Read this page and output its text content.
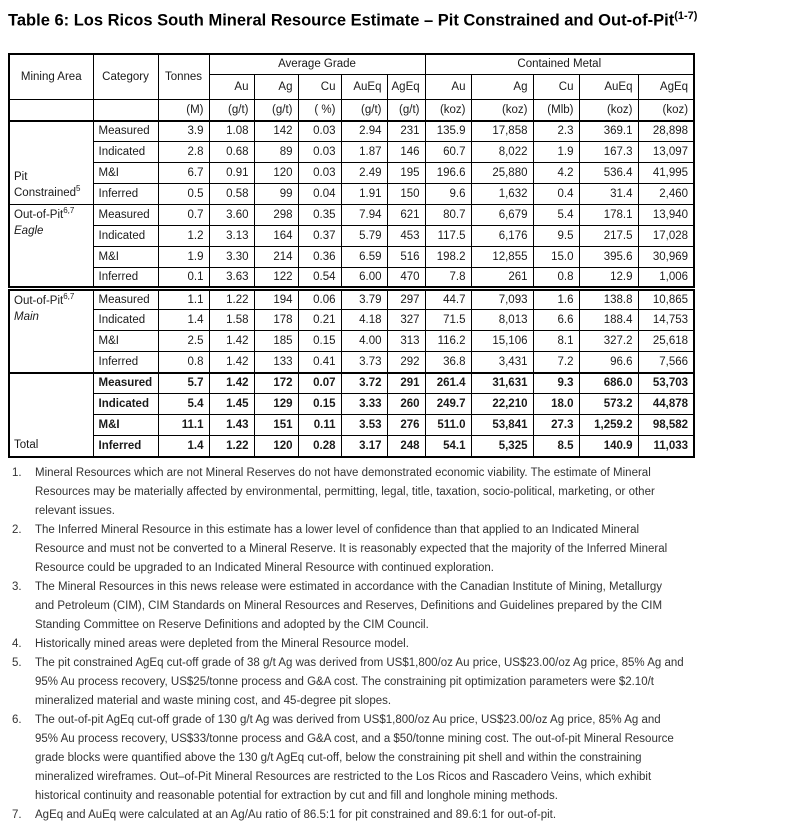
Table 6: Los Ricos South Mineral Resource Estimate – Pit Constrained and Out-of-Pit$^{(1-7)}$
Mining Area	Category	Tonnes	Average Grade					Contained Metal				
			Au	Ag	Cu	AuEq	AgEq	Au	Ag	Cu	AuEq	AgEq
		(M)	(g/t)	(g/t)	( %)	(g/t)	(g/t)	(koz)	(koz)	(Mlb)	(koz)	(koz)

Pit
Constrained$^5$	Measured	3.9	1.08	142	0.03	2.94	231	135.9	17,858	2.3	369.1	28,898
	Indicated	2.8	0.68	89	0.03	1.87	146	60.7	8,022	1.9	167.3	13,097
	M&I	6.7	0.91	120	0.03	2.49	195	196.6	25,880	4.2	536.4	41,995
	Inferred	0.5	0.58	99	0.04	1.91	150	9.6	1,632	0.4	31.4	2,460

Out-of-Pit$^{6,7}$
Eagle	Measured	0.7	3.60	298	0.35	7.94	621	80.7	6,679	5.4	178.1	13,940
	Indicated	1.2	3.13	164	0.37	5.79	453	117.5	6,176	9.5	217.5	17,028
	M&I	1.9	3.30	214	0.36	6.59	516	198.2	12,855	15.0	395.6	30,969
	Inferred	0.1	3.63	122	0.54	6.00	470	7.8	261	0.8	12.9	1,006

Out-of-Pit$^{6,7}$
Main	Measured	1.1	1.22	194	0.06	3.79	297	44.7	7,093	1.6	138.8	10,865
	Indicated	1.4	1.58	178	0.21	4.18	327	71.5	8,013	6.6	188.4	14,753
	M&I	2.5	1.42	185	0.15	4.00	313	116.2	15,106	8.1	327.2	25,618
	Inferred	0.8	1.42	133	0.41	3.73	292	36.8	3,431	7.2	96.6	7,566

Total	Measured	5.7	1.42	172	0.07	3.72	291	261.4	31,631	9.3	686.0	53,703
	Indicated	5.4	1.45	129	0.15	3.33	260	249.7	22,210	18.0	573.2	44,878
	M&I	11.1	1.43	151	0.11	3.53	276	511.0	53,841	27.3	1,259.2	98,582
	Inferred	1.4	1.22	120	0.28	3.17	248	54.1	5,325	8.5	140.9	11,033
1.	Mineral Resources which are not Mineral Reserves do not have demonstrated economic viability. The estimate of Mineral Resources may be materially affected by environmental, permitting, legal, title, taxation, socio-political, marketing, or other relevant issues.
2.	The Inferred Mineral Resource in this estimate has a lower level of confidence than that applied to an Indicated Mineral Resource and must not be converted to a Mineral Reserve. It is reasonably expected that the majority of the Inferred Mineral Resource could be upgraded to an Indicated Mineral Resource with continued exploration.
3.	The Mineral Resources in this news release were estimated in accordance with the Canadian Institute of Mining, Metallurgy and Petroleum (CIM), CIM Standards on Mineral Resources and Reserves, Definitions and Guidelines prepared by the CIM Standing Committee on Reserve Definitions and adopted by the CIM Council.
4.	Historically mined areas were depleted from the Mineral Resource model.
5.	The pit constrained AgEq cut-off grade of 38 g/t Ag was derived from US$1,800/oz Au price, US$23.00/oz Ag price, 85% Ag and 95% Au process recovery, US$25/tonne process and G&A cost. The constraining pit optimization parameters were $2.10/t mineralized material and waste mining cost, and 45-degree pit slopes.
6.	The out-of-pit AgEq cut-off grade of 130 g/t Ag was derived from US$1,800/oz Au price, US$23.00/oz Ag price, 85% Ag and 95% Au process recovery, US$33/tonne process and G&A cost, and a $50/tonne mining cost. The out-of-pit Mineral Resource grade blocks were quantified above the 130 g/t AgEq cut-off, below the constraining pit shell and within the constraining mineralized wireframes. Out–of-Pit Mineral Resources are restricted to the Los Ricos and Rascadero Veins, which exhibit historical continuity and reasonable potential for extraction by cut and fill and longhole mining methods.
7.	AgEq and AuEq were calculated at an Ag/Au ratio of 86.5:1 for pit constrained and 89.6:1 for out-of-pit.
